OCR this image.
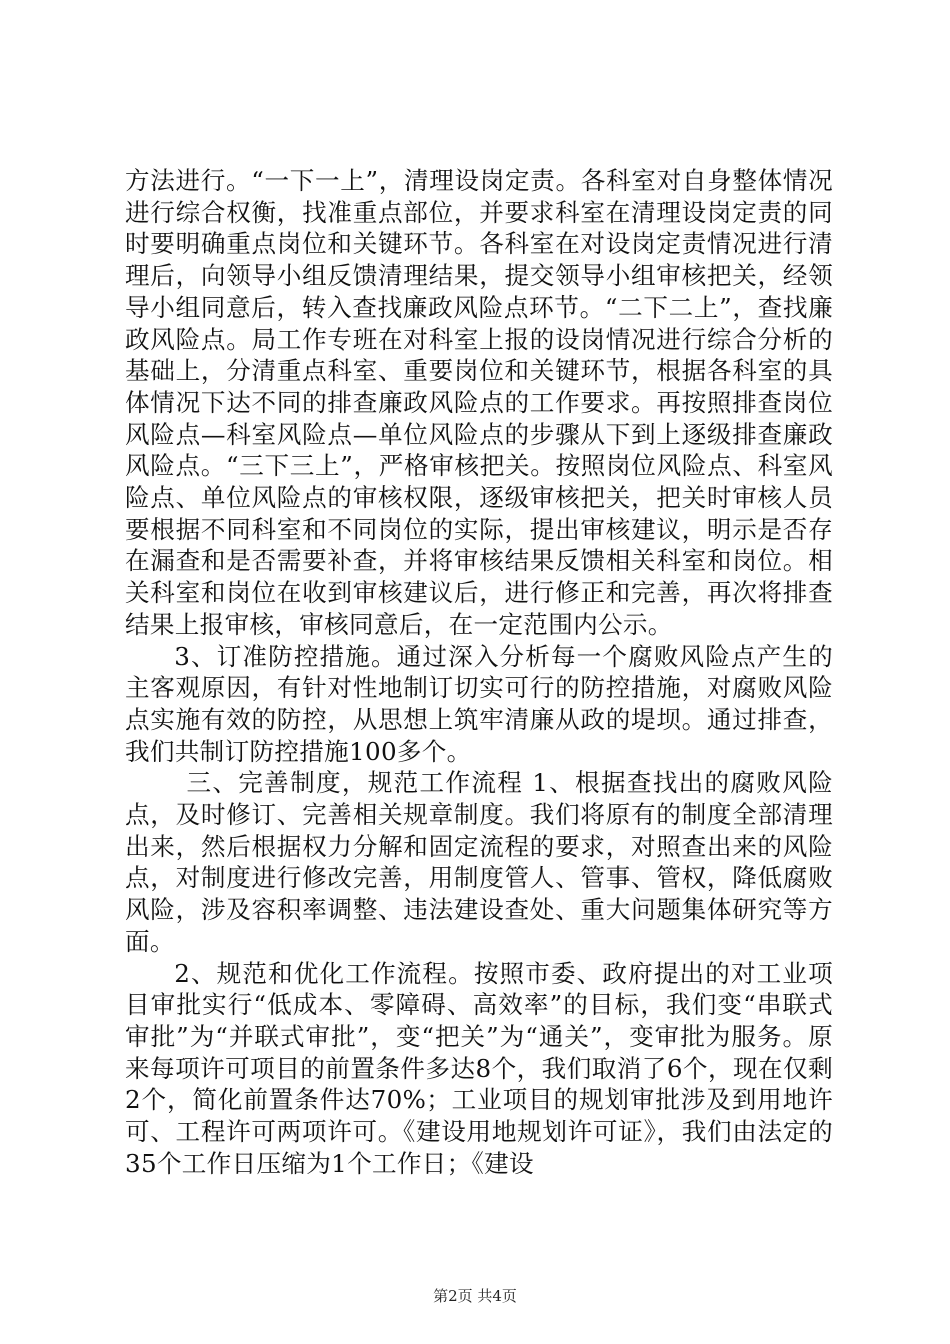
方法进行。“一下一上”，清理设岗定责。各科室对自身整体情况进行综合权衡，找准重点部位，并要求科室在清理设岗定责的同时要明确重点岗位和关键环节。各科室在对设岗定责情况进行清理后，向领导小组反馈清理结果，提交领导小组审核把关，经领导小组同意后，转入查找廉政风险点环节。“二下二上”，查找廉政风险点。局工作专班在对科室上报的设岗情况进行综合分析的基础上，分清重点科室、重要岗位和关键环节，根据各科室的具体情况下达不同的排查廉政风险点的工作要求。再按照排查岗位风险点—科室风险点—单位风险点的步骤从下到上逐级排查廉政风险点。“三下三上”，严格审核把关。按照岗位风险点、科室风险点、单位风险点的审核权限，逐级审核把关，把关时审核人员要根据不同科室和不同岗位的实际，提出审核建议，明示是否存在漏查和是否需要补查，并将审核结果反馈相关科室和岗位。相关科室和岗位在收到审核建议后，进行修正和完善，再次将排查结果上报审核，审核同意后，在一定范围内公示。

3、订准防控措施。通过深入分析每一个腐败风险点产生的主客观原因，有针对性地制订切实可行的防控措施，对腐败风险点实施有效的防控，从思想上筑牢清廉从政的堤坝。通过排查，我们共制订防控措施100多个。

三、完善制度，规范工作流程 1、根据查找出的腐败风险点，及时修订、完善相关规章制度。我们将原有的制度全部清理出来，然后根据权力分解和固定流程的要求，对照查出来的风险点，对制度进行修改完善，用制度管人、管事、管权，降低腐败风险，涉及容积率调整、违法建设查处、重大问题集体研究等方面。

2、规范和优化工作流程。按照市委、政府提出的对工业项目审批实行“低成本、零障碍、高效率”的目标，我们变“串联式审批”为“并联式审批”，变“把关”为“通关”，变审批为服务。原来每项许可项目的前置条件多达8个，我们取消了6个，现在仅剩2个，简化前置条件达70%；工业项目的规划审批涉及到用地许可、工程许可两项许可。《建设用地规划许可证》，我们由法定的35个工作日压缩为1个工作日；《建设

第2页 共4页
